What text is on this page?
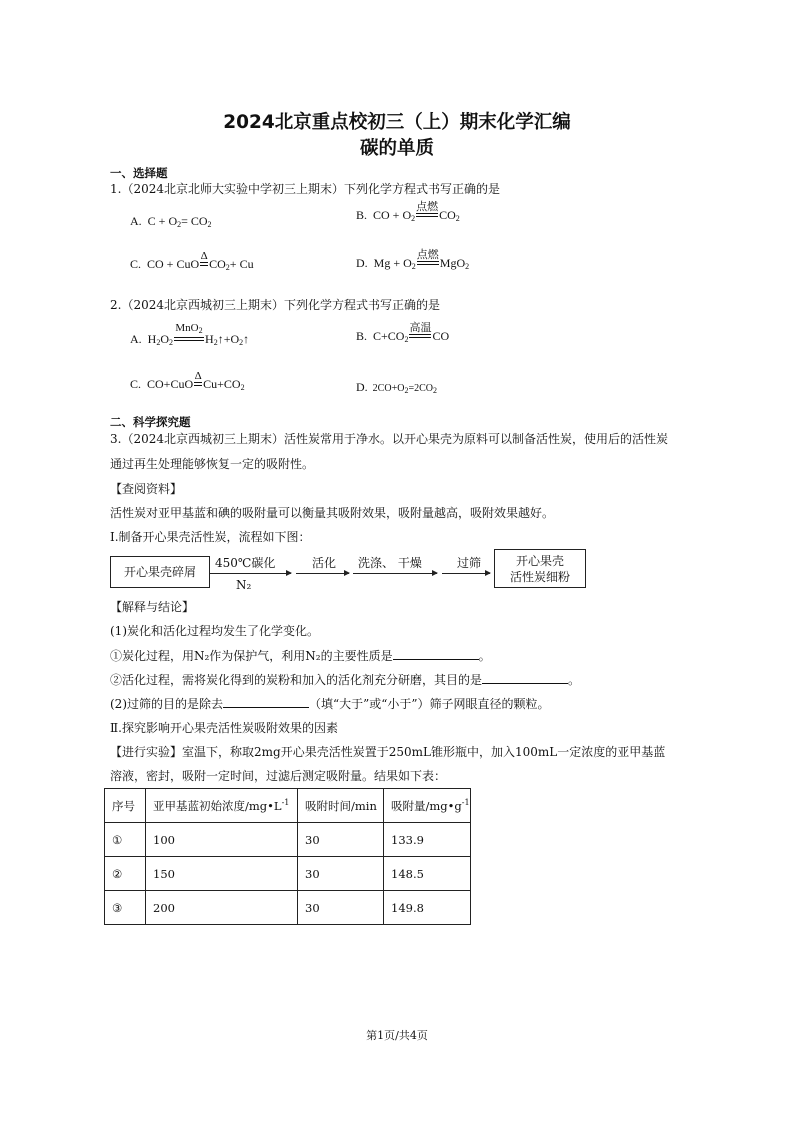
2024北京重点校初三（上）期末化学汇编
碳的单质
一、选择题
1.（2024北京北师大实验中学初三上期末）下列化学方程式书写正确的是
A.  $C + O_2= CO_2$
B.  CO + $O_2$
点燃
$CO_2$
C.  CO + CuO
Δ
$CO_2+ Cu$	D.  $Mg + O_2$
点燃
MgO$_2$
2.（2024北京西城初三上期末）下列化学方程式书写正确的是
A.  $H_2O_2$
MnO$_2$
$H_2↑+O_2↑$	B.  $C+CO_2$
高温
CO
C.  CO+CuO
Δ
$Cu+CO_2$	D.  $2CO+O_2=2CO_2$
二、科学探究题
3.（2024北京西城初三上期末）活性炭常用于净水。以开心果壳为原料可以制备活性炭，使用后的活性炭
通过再生处理能够恢复一定的吸附性。
【查阅资料】
活性炭对亚甲基蓝和碘的吸附量可以衡量其吸附效果，吸附量越高，吸附效果越好。
Ⅰ.制备开心果壳活性炭，流程如下图：
开心果壳碎屑
450℃碳化
N₂
活化 洗涤、 干燥	过筛	开心果壳
活性炭细粉
【解释与结论】
(1)炭化和活化过程均发生了化学变化。
①炭化过程，用N₂作为保护气，利用N₂的主要性质是	。
②活化过程，需将炭化得到的炭粉和加入的活化剂充分研磨，其目的是	。
(2)过筛的目的是除去	（填“大于”或“小于”）筛子网眼直径的颗粒。
Ⅱ.探究影响开心果壳活性炭吸附效果的因素
【进行实验】室温下，称取2mg开心果壳活性炭置于250mL锥形瓶中，加入100mL一定浓度的亚甲基蓝
溶液，密封，吸附一定时间，过滤后测定吸附量。结果如下表：
序号	亚甲基蓝初始浓度$/mg•L^{-1}$	吸附时间/min	吸附量$/mg•g^{-1}$
①	100	30	133.9
②	150	30	148.5
③	200	30	149.8
第1页/共4页
